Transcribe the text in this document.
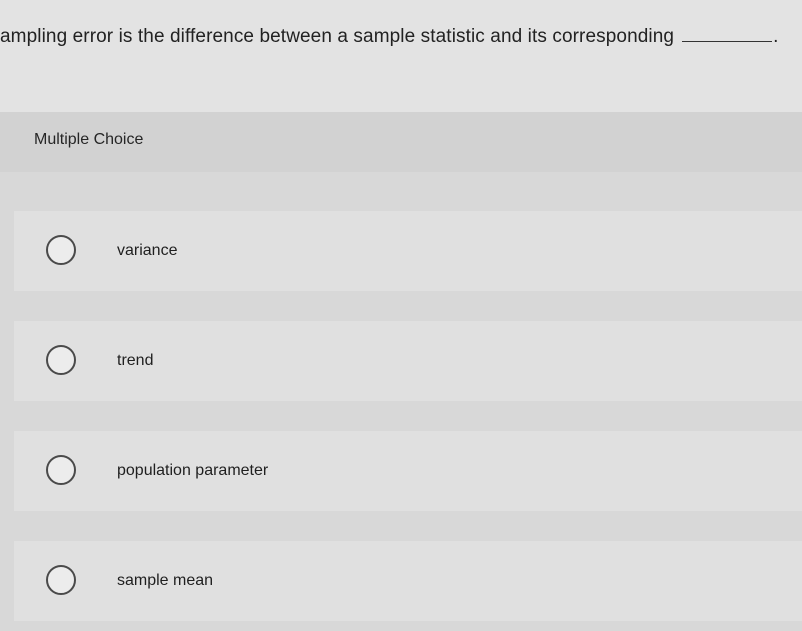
ampling error is the difference between a sample statistic and its corresponding	.
Multiple Choice
variance
trend
population parameter
sample mean
